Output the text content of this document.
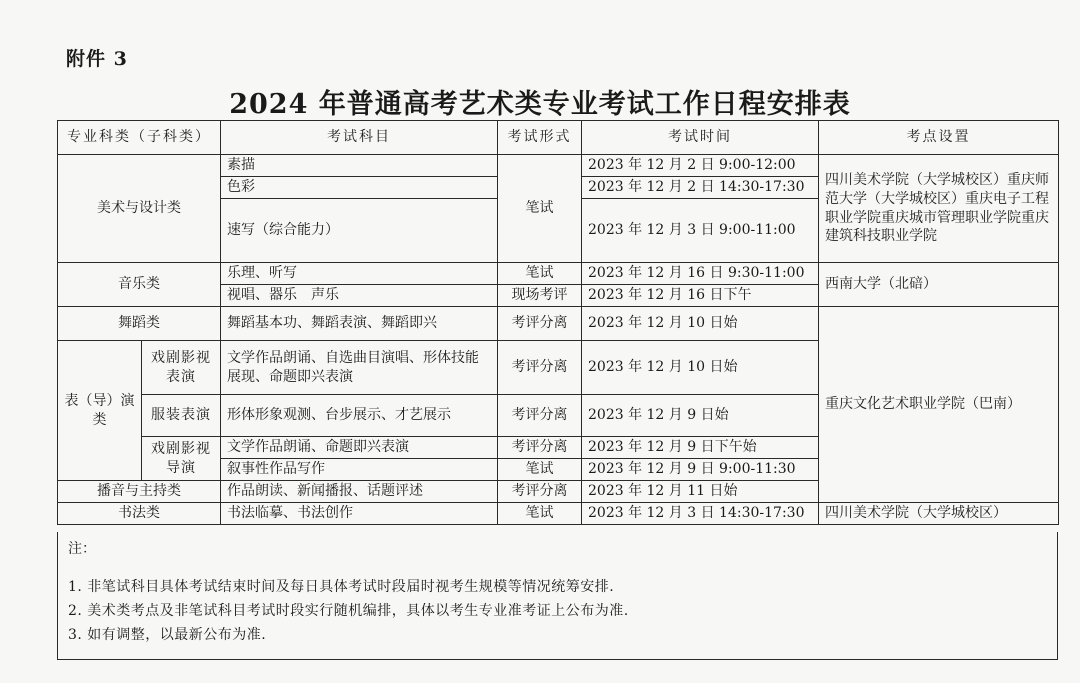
附件 3
2024 年普通高考艺术类专业考试工作日程安排表
专业科类（子科类）		考试科目	考试形式	考试时间	考点设置
美术与设计类		素描	笔试	2023 年 12 月 2 日 9:00-12:00	四川美术学院（大学城校区）重庆师范大学（大学城校区）重庆电子工程职业学院重庆城市管理职业学院重庆建筑科技职业学院
		色彩		2023 年 12 月 2 日 14:30-17:30	
		速写（综合能力）		2023 年 12 月 3 日 9:00-11:00	
音乐类		乐理、听写	笔试	2023 年 12 月 16 日 9:30-11:00	西南大学（北碚）
		视唱、器乐　声乐	现场考评	2023 年 12 月 16 日下午	
舞蹈类		舞蹈基本功、舞蹈表演、舞蹈即兴	考评分离	2023 年 12 月 10 日始	重庆文化艺术职业学院（巴南）
表（导）演类	戏剧影视表演	文学作品朗诵、自选曲目演唱、形体技能展现、命题即兴表演	考评分离	2023 年 12 月 10 日始	
	服装表演	形体形象观测、台步展示、才艺展示	考评分离	2023 年 12 月 9 日始	
	戏剧影视导演	文学作品朗诵、命题即兴表演	考评分离	2023 年 12 月 9 日下午始	
		叙事性作品写作	笔试	2023 年 12 月 9 日 9:00-11:30	
播音与主持类		作品朗读、新闻播报、话题评述	考评分离	2023 年 12 月 11 日始	
书法类		书法临摹、书法创作	笔试	2023 年 12 月 3 日 14:30-17:30	四川美术学院（大学城校区）
注：
1. 非笔试科目具体考试结束时间及每日具体考试时段届时视考生规模等情况统筹安排.
2. 美术类考点及非笔试科目考试时段实行随机编排，具体以考生专业准考证上公布为准.
3. 如有调整，以最新公布为准.
